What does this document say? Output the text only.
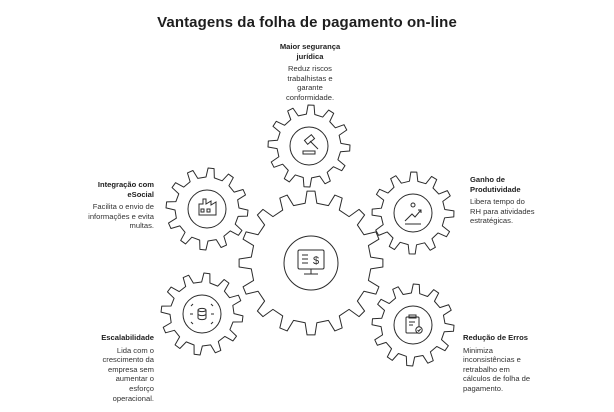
$
Vantagens da folha de pagamento on-line
Maior segurança jurídica
Reduz riscos trabalhistas e garante conformidade.
Integração com eSocial
Facilita o envio de informações e evita multas.
Ganho de Produtividade
Libera tempo do RH para atividades estratégicas.
Escalabilidade
Lida com o crescimento da empresa sem aumentar o esforço operacional.
Redução de Erros
Minimiza inconsistências e retrabalho em cálculos de folha de pagamento.
